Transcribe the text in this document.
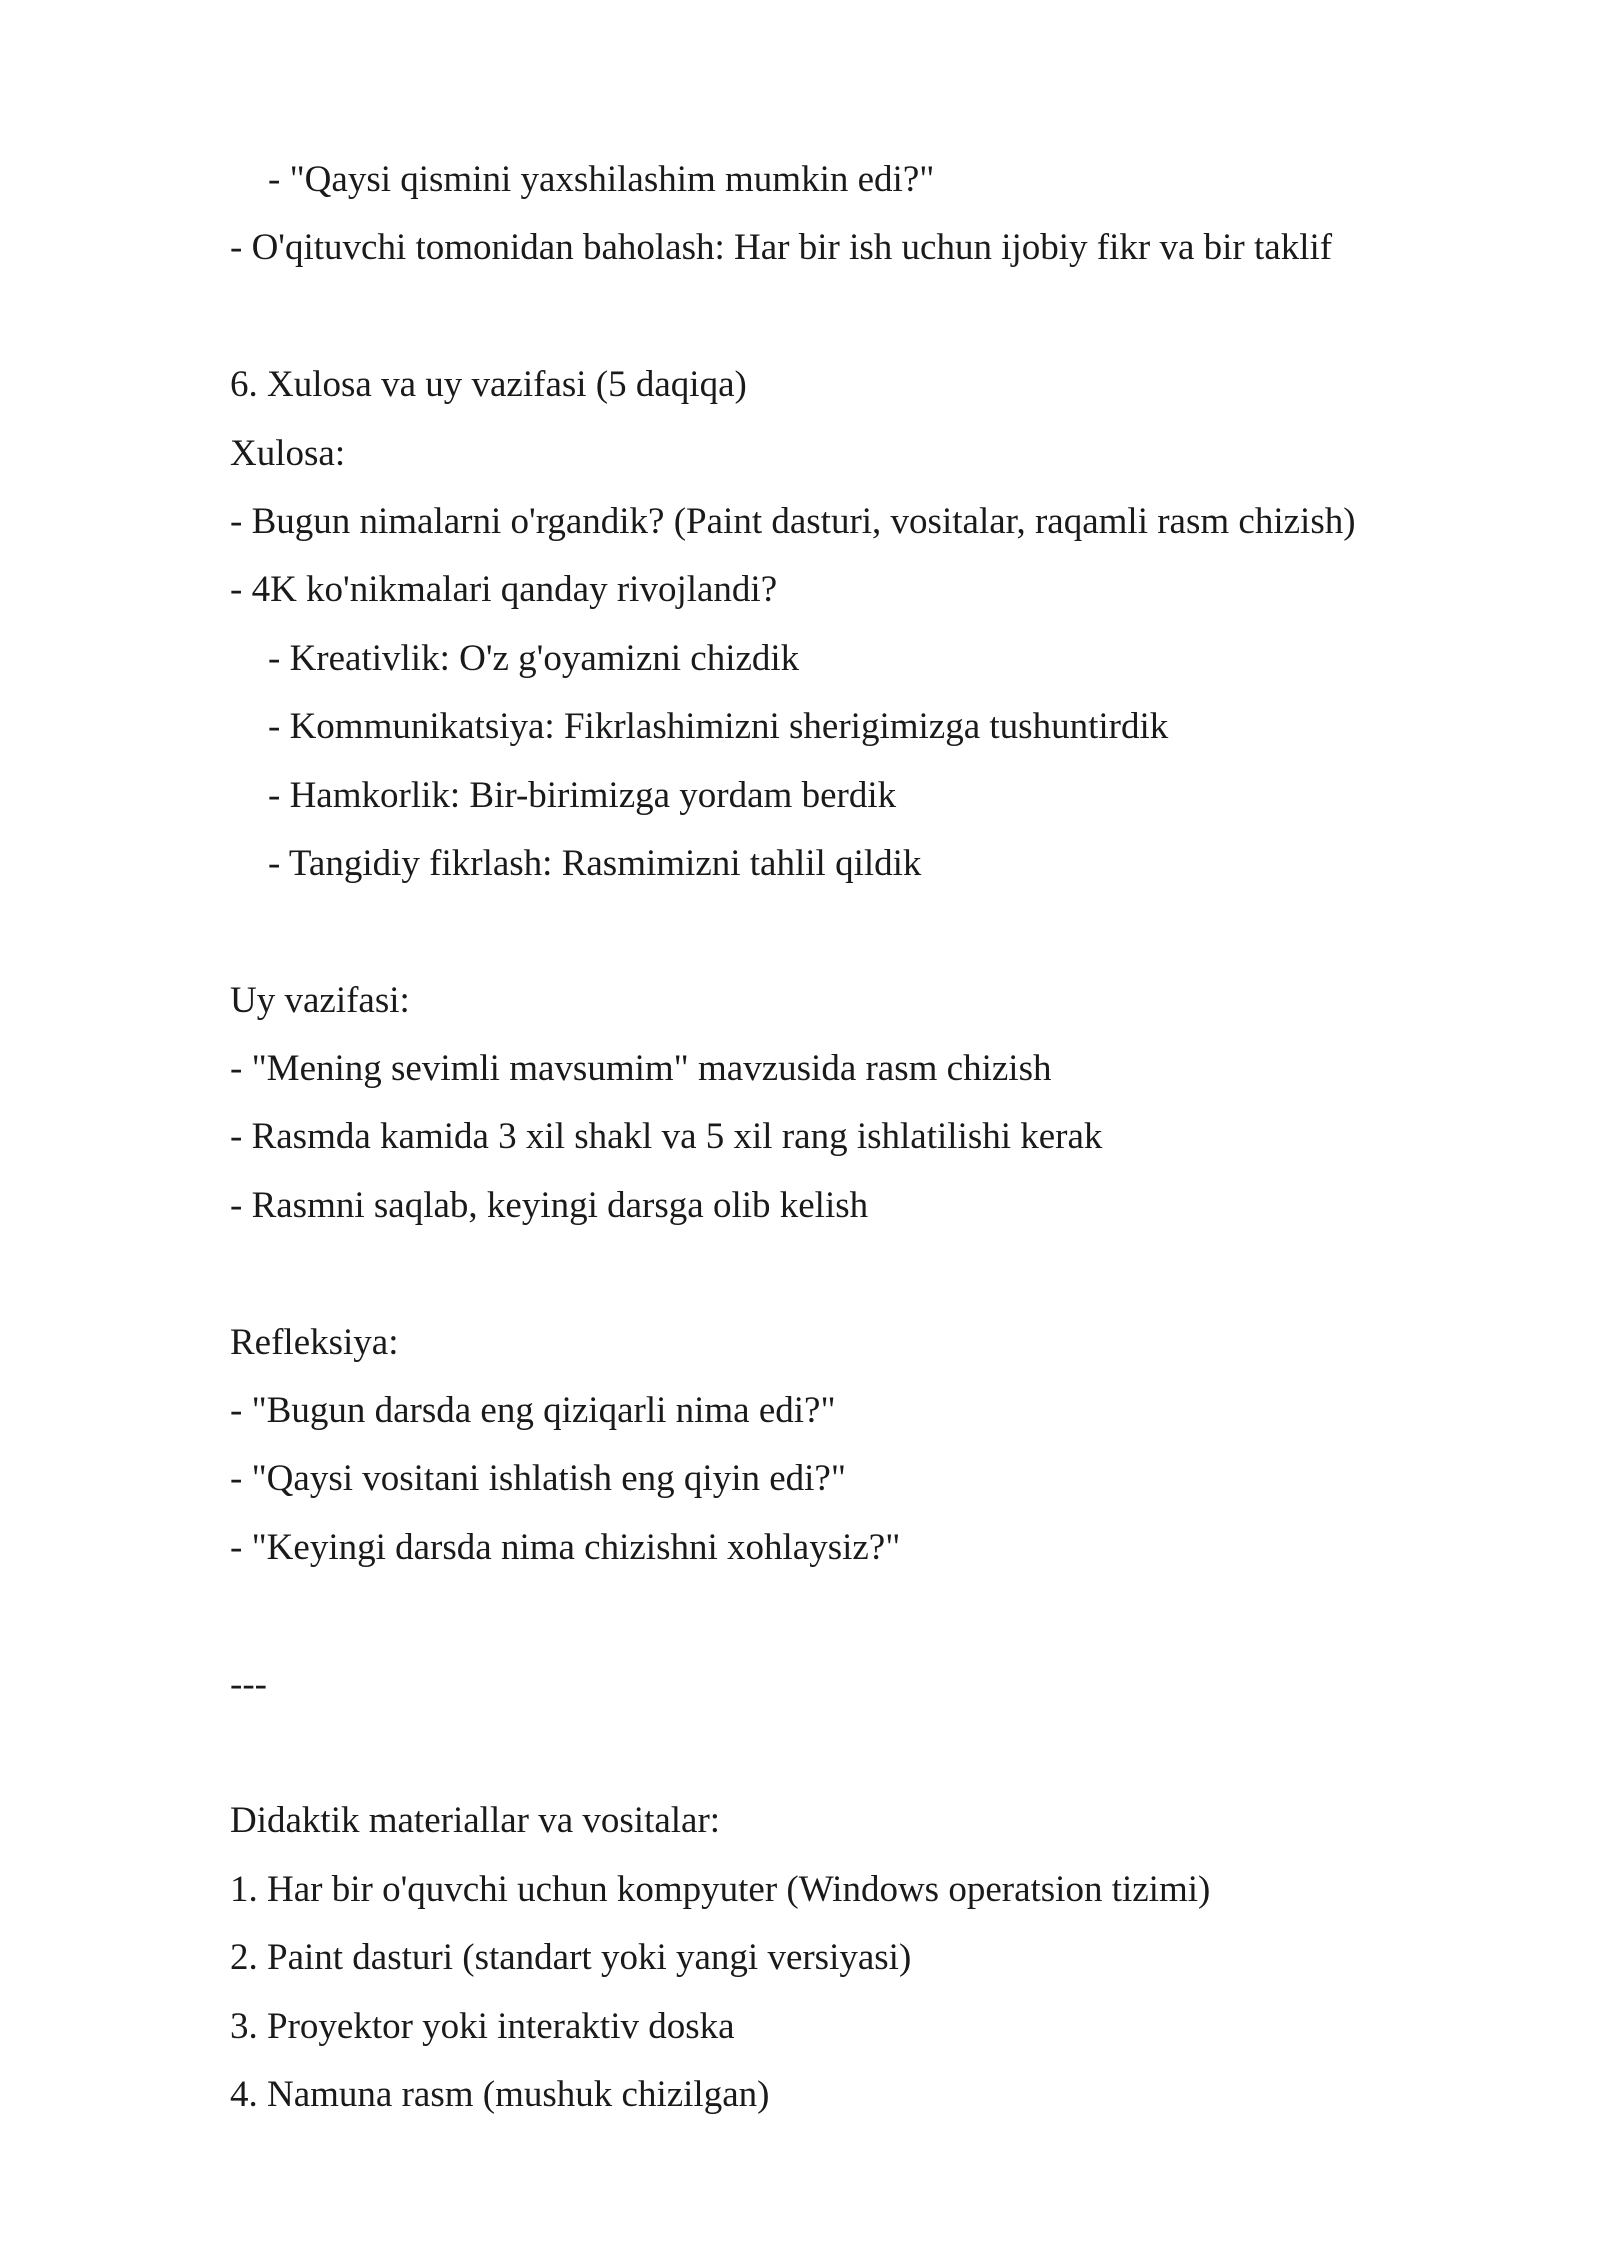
- "Qaysi qismini yaxshilashim mumkin edi?"
- O'qituvchi tomonidan baholash: Har bir ish uchun ijobiy fikr va bir taklif
6. Xulosa va uy vazifasi (5 daqiqa)
Xulosa:
- Bugun nimalarni o'rgandik? (Paint dasturi, vositalar, raqamli rasm chizish)
- 4K ko'nikmalari qanday rivojlandi?
- Kreativlik: O'z g'oyamizni chizdik
- Kommunikatsiya: Fikrlashimizni sherigimizga tushuntirdik
- Hamkorlik: Bir-birimizga yordam berdik
- Tangidiy fikrlash: Rasmimizni tahlil qildik
Uy vazifasi:
- "Mening sevimli mavsumim" mavzusida rasm chizish
- Rasmda kamida 3 xil shakl va 5 xil rang ishlatilishi kerak
- Rasmni saqlab, keyingi darsga olib kelish
Refleksiya:
- "Bugun darsda eng qiziqarli nima edi?"
- "Qaysi vositani ishlatish eng qiyin edi?"
- "Keyingi darsda nima chizishni xohlaysiz?"
---
Didaktik materiallar va vositalar:
1. Har bir o'quvchi uchun kompyuter (Windows operatsion tizimi)
2. Paint dasturi (standart yoki yangi versiyasi)
3. Proyektor yoki interaktiv doska
4. Namuna rasm (mushuk chizilgan)
